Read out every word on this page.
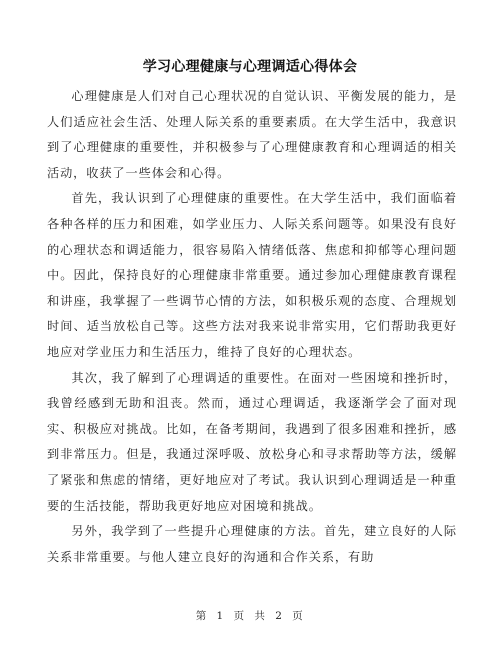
学习心理健康与心理调适心得体会

心理健康是人们对自己心理状况的自觉认识、平衡发展的能力，是人们适应社会生活、处理人际关系的重要素质。在大学生活中，我意识到了心理健康的重要性，并积极参与了心理健康教育和心理调适的相关活动，收获了一些体会和心得。

首先，我认识到了心理健康的重要性。在大学生活中，我们面临着各种各样的压力和困难，如学业压力、人际关系问题等。如果没有良好的心理状态和调适能力，很容易陷入情绪低落、焦虑和抑郁等心理问题中。因此，保持良好的心理健康非常重要。通过参加心理健康教育课程和讲座，我掌握了一些调节心情的方法，如积极乐观的态度、合理规划时间、适当放松自己等。这些方法对我来说非常实用，它们帮助我更好地应对学业压力和生活压力，维持了良好的心理状态。

其次，我了解到了心理调适的重要性。在面对一些困境和挫折时，我曾经感到无助和沮丧。然而，通过心理调适，我逐渐学会了面对现实、积极应对挑战。比如，在备考期间，我遇到了很多困难和挫折，感到非常压力。但是，我通过深呼吸、放松身心和寻求帮助等方法，缓解了紧张和焦虑的情绪，更好地应对了考试。我认识到心理调适是一种重要的生活技能，帮助我更好地应对困境和挑战。

另外，我学到了一些提升心理健康的方法。首先，建立良好的人际关系非常重要。与他人建立良好的沟通和合作关系，有助

第 1 页 共 2 页
